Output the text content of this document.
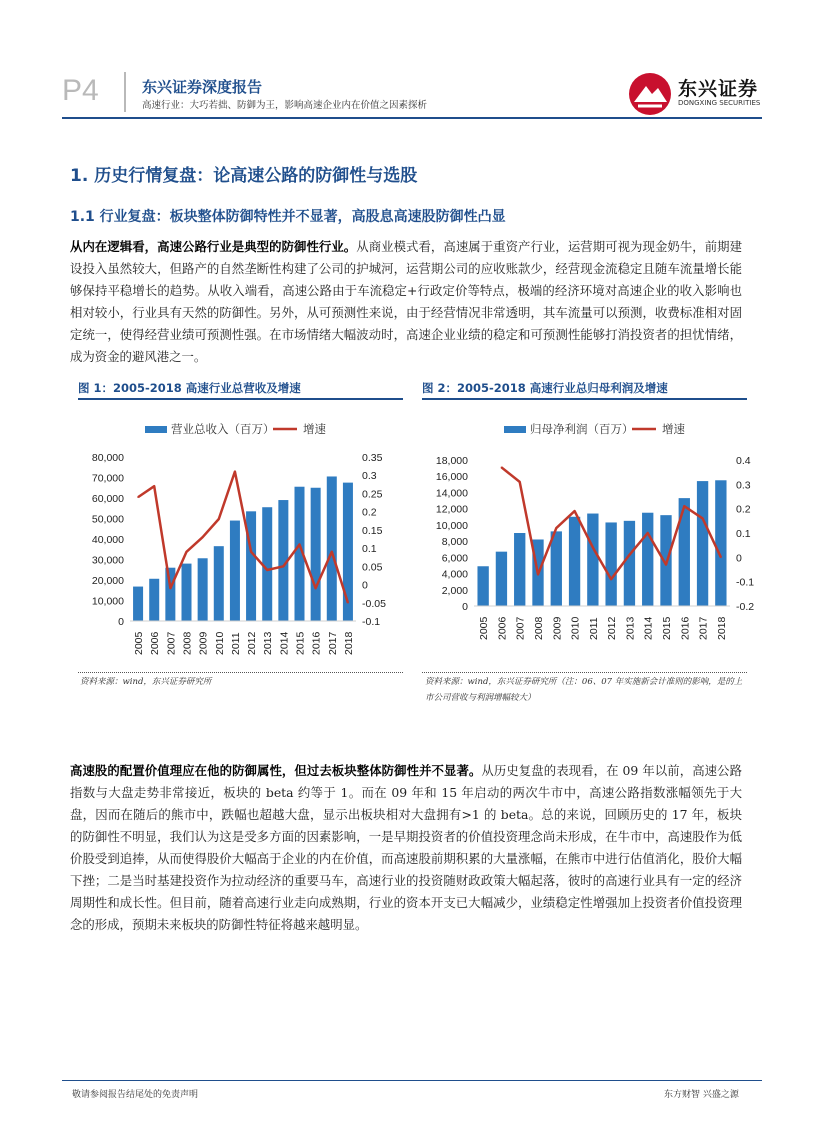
P4	东兴证券深度报告
高速行业：大巧若拙、防御为王，影响高速企业内在价值之因素探析
东兴证券
DONGXING SECURITIES
1. 历史行情复盘：论高速公路的防御性与选股
1.1 行业复盘：板块整体防御特性并不显著，高股息高速股防御性凸显
从内在逻辑看，高速公路行业是典型的防御性行业。从商业模式看，高速属于重资产行业，运营期可视为现金奶牛，前期建设投入虽然较大，但路产的自然垄断性构建了公司的护城河，运营期公司的应收账款少，经营现金流稳定且随车流量增长能够保持平稳增长的趋势。从收入端看，高速公路由于车流稳定+行政定价等特点，极端的经济环境对高速企业的收入影响也相对较小，行业具有天然的防御性。另外，从可预测性来说，由于经营情况非常透明，其车流量可以预测，收费标准相对固定统一，使得经营业绩可预测性强。在市场情绪大幅波动时，高速企业业绩的稳定和可预测性能够打消投资者的担忧情绪，成为资金的避风港之一。
图 1：2005-2018 高速行业总营收及增速	图 2：2005-2018 高速行业总归母利润及增速
营业总收入（百万） 增速
0
10,000
20,000
30,000
40,000
50,000
60,000
70,000
80,000
-0.1
-0.05
0
0.05
0.1
0.15
0.2
0.25
0.3
0.35
2005 2006 2007 2008 2009 2010 2011 2012 2013 2014 2015 2016 2017 2018
归母净利润（百万） 增速
0
2,000
4,000
6,000
8,000
10,000
12,000
14,000
16,000
18,000
-0.2
-0.1
0
0.1
0.2
0.3
0.4
2005 2006 2007 2008 2009 2010 2011 2012 2013 2014 2015 2016 2017 2018
资料来源：wind，东兴证券研究所	资料来源：wind，东兴证券研究所（注：06、07 年实施新会计准则的影响，是的上市公司营收与利润增幅较大）
高速股的配置价值理应在他的防御属性，但过去板块整体防御性并不显著。从历史复盘的表现看，在 09 年以前，高速公路指数与大盘走势非常接近，板块的 beta 约等于 1。而在 09 年和 15 年启动的两次牛市中，高速公路指数涨幅领先于大盘，因而在随后的熊市中，跌幅也超越大盘，显示出板块相对大盘拥有>1 的 beta。总的来说，回顾历史的 17 年，板块的防御性不明显，我们认为这是受多方面的因素影响，一是早期投资者的价值投资理念尚未形成，在牛市中，高速股作为低价股受到追捧，从而使得股价大幅高于企业的内在价值，而高速股前期积累的大量涨幅，在熊市中进行估值消化，股价大幅下挫；二是当时基建投资作为拉动经济的重要马车，高速行业的投资随财政政策大幅起落，彼时的高速行业具有一定的经济周期性和成长性。但目前，随着高速行业走向成熟期，行业的资本开支已大幅减少，业绩稳定性增强加上投资者价值投资理念的形成，预期未来板块的防御性特征将越来越明显。
敬请参阅报告结尾处的免责声明	东方财智 兴盛之源
